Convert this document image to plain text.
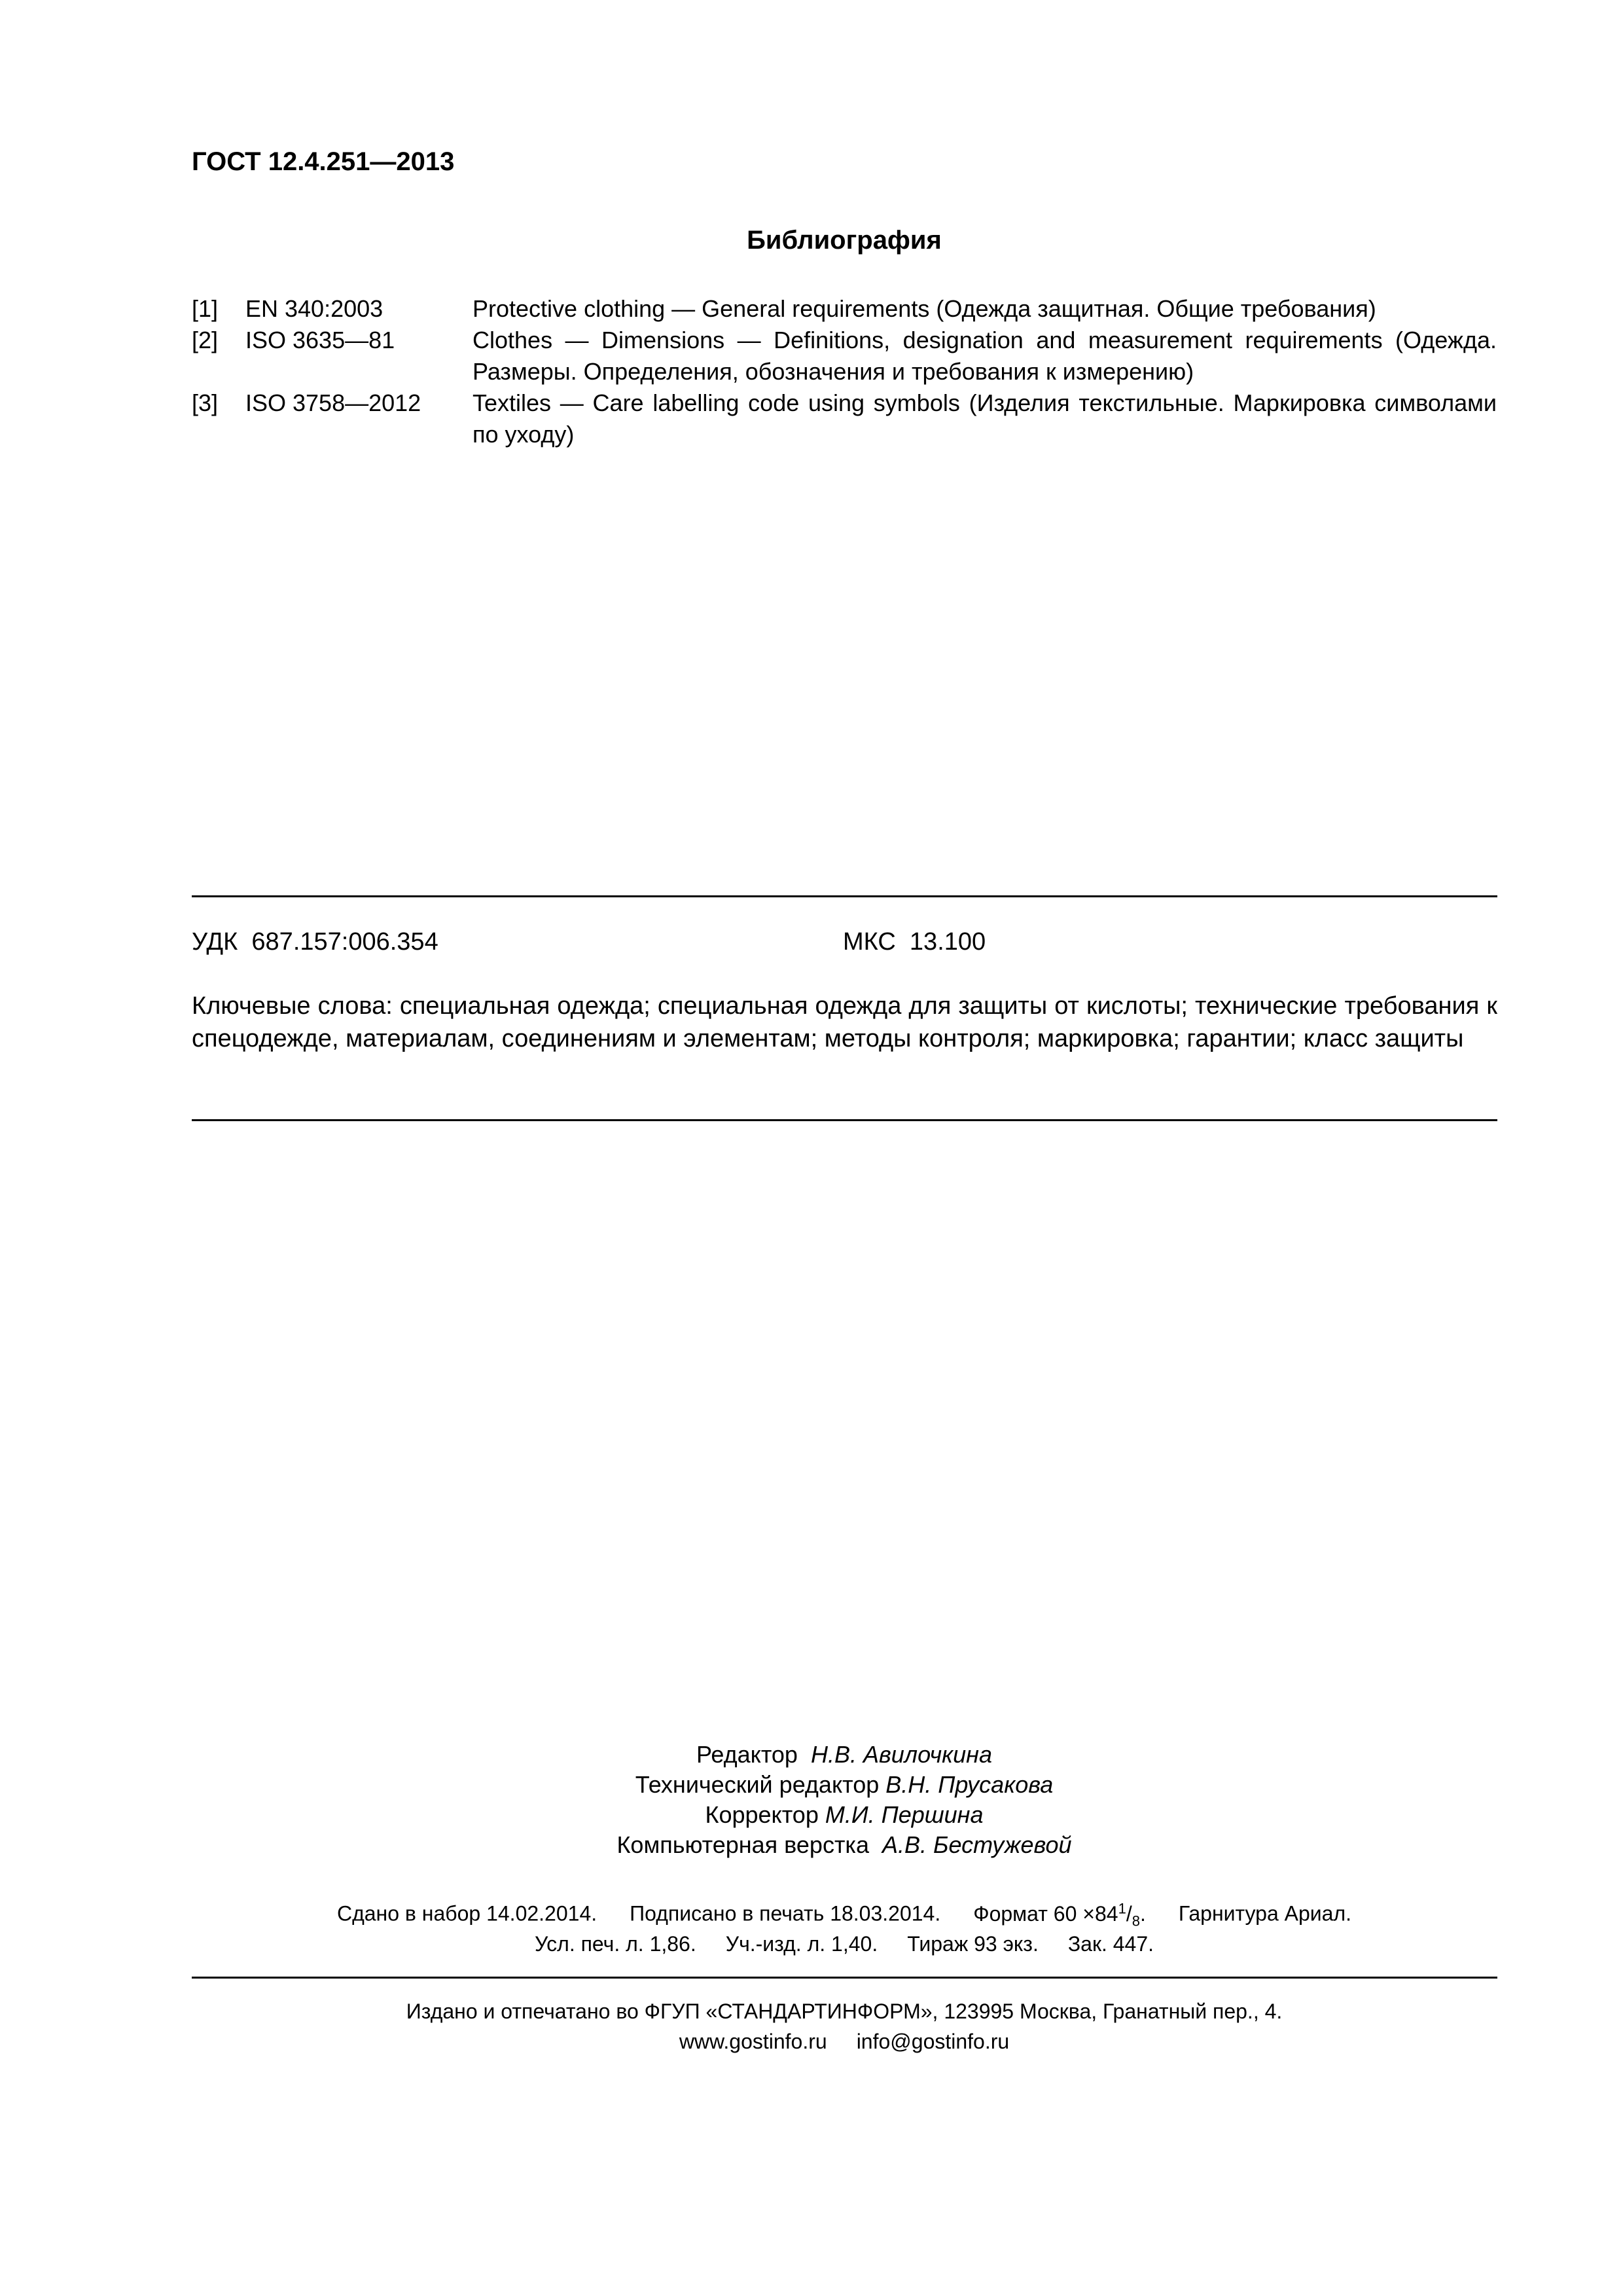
ГОСТ 12.4.251—2013
Библиография
[1] EN 340:2003	Protective clothing — General requirements (Одежда защитная. Общие требования)
[2] ISO 3635—81	Clothes — Dimensions — Definitions, designation and measurement requirements (Одежда. Размеры. Определения, обозначения и требования к измерению)
[3] ISO 3758—2012 Textiles — Care labelling code using symbols (Изделия текстильные. Маркировка символами по уходу)
УДК  687.157:006.354	МКС  13.100
Ключевые слова: специальная одежда; специальная одежда для защиты от кислоты; технические требования к спецодежде, материалам, соединениям и элементам; методы контроля; маркировка; гарантии; класс защиты
Редактор Н.В. Авилочкина
Технический редактор В.Н. Прусакова
Корректор М.И. Першина
Компьютерная верстка А.В. Бестужевой
Сдано в набор 14.02.2014. Подписано в печать 18.03.2014. Формат $60 \times 84^1/_8$. Гарнитура Ариал.
Усл. печ. л. 1,86. Уч.-изд. л. 1,40. Тираж 93 экз. Зак. 447.
Издано и отпечатано во ФГУП «СТАНДАРТИНФОРМ», 123995 Москва, Гранатный пер., 4.
www.gostinfo.ru info@gostinfo.ru
